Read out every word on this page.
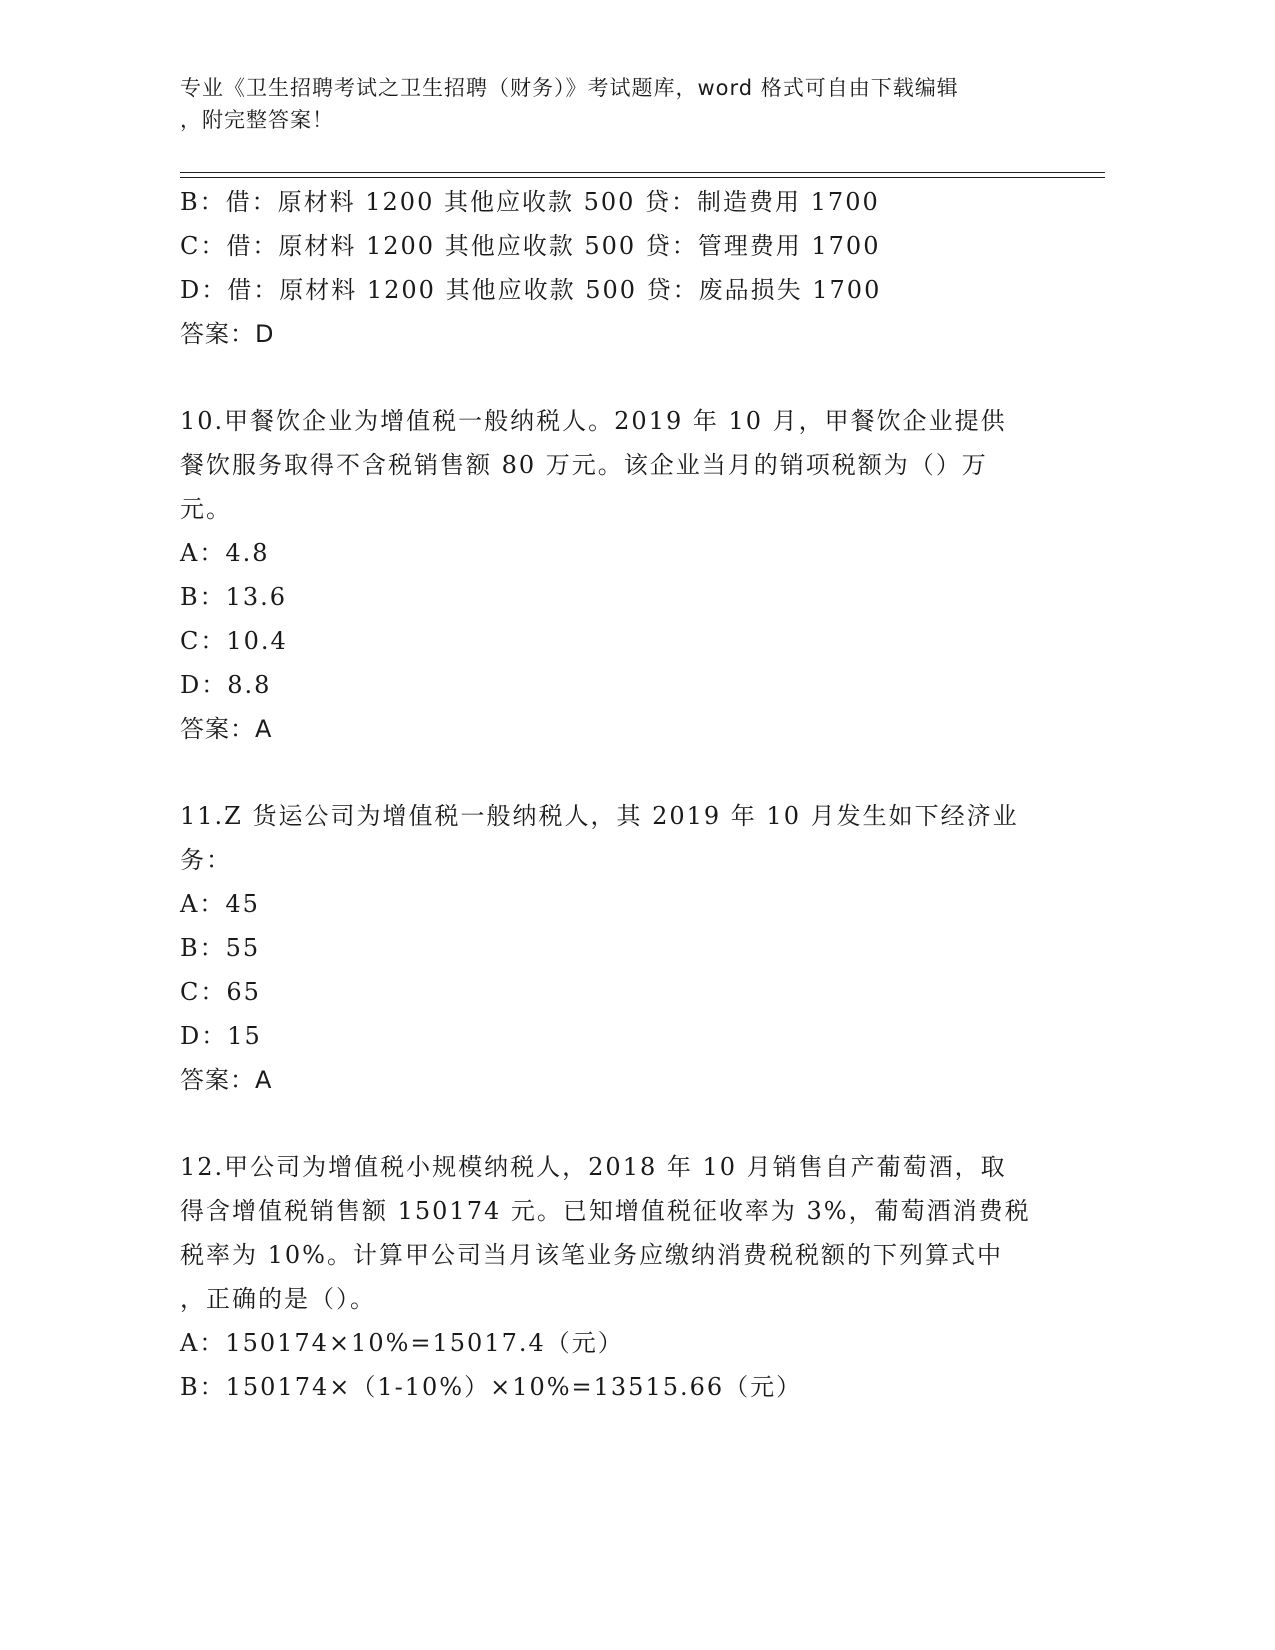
专业《卫生招聘考试之卫生招聘（财务）》考试题库，word 格式可自由下载编辑
，附完整答案！
B：借：原材料 1200 其他应收款 500 贷：制造费用 1700
C：借：原材料 1200 其他应收款 500 贷：管理费用 1700
D：借：原材料 1200 其他应收款 500 贷：废品损失 1700
答案：D
10.甲餐饮企业为增值税一般纳税人。2019 年 10 月，甲餐饮企业提供
餐饮服务取得不含税销售额 80 万元。该企业当月的销项税额为（）万
元。
A：4.8
B：13.6
C：10.4
D：8.8
答案：A
11.Z 货运公司为增值税一般纳税人，其 2019 年 10 月发生如下经济业
务：
A：45
B：55
C：65
D：15
答案：A
12.甲公司为增值税小规模纳税人，2018 年 10 月销售自产葡萄酒，取
得含增值税销售额 150174 元。已知增值税征收率为 3%，葡萄酒消费税
税率为 10%。计算甲公司当月该笔业务应缴纳消费税税额的下列算式中
，正确的是（）。
A：150174×10%=15017.4（元）
B：150174×（1-10%）×10%=13515.66（元）
